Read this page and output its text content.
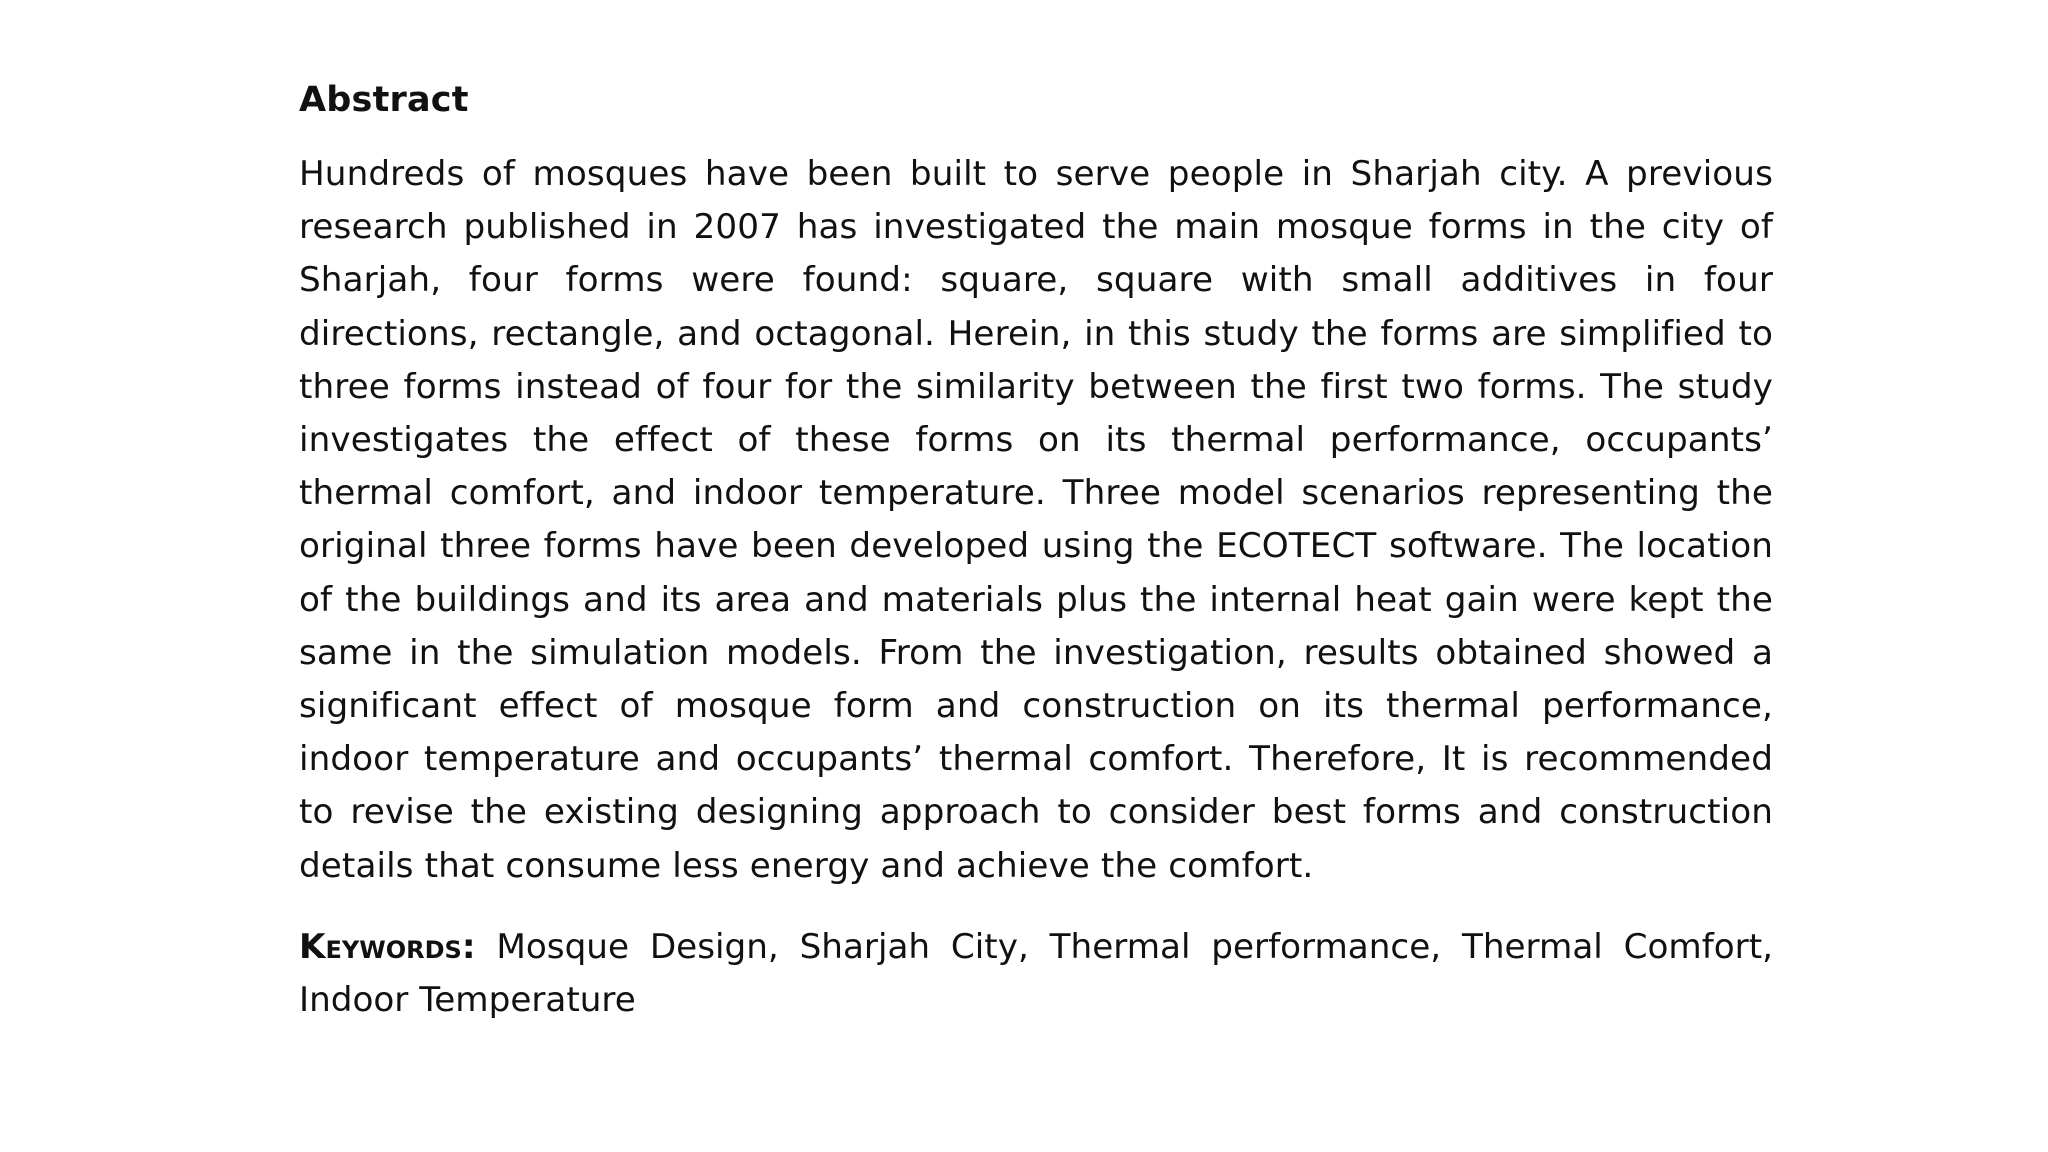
Abstract

Hundreds of mosques have been built to serve people in Sharjah city. A previous research published in 2007 has investigated the main mosque forms in the city of Sharjah, four forms were found: square, square with small additives in four directions, rectangle, and octagonal. Herein, in this study the forms are simplified to three forms instead of four for the similarity between the first two forms. The study investigates the effect of these forms on its thermal performance, occupants’ thermal comfort, and indoor temperature. Three model scenarios representing the original three forms have been developed using the ECOTECT software. The location of the buildings and its area and materials plus the internal heat gain were kept the same in the simulation models. From the investigation, results obtained showed a significant effect of mosque form and construction on its thermal performance, indoor temperature and occupants’ thermal comfort. Therefore, It is recommended to revise the existing designing approach to consider best forms and construction details that consume less energy and achieve the comfort.

Keywords: Mosque Design, Sharjah City, Thermal performance, Thermal Comfort, Indoor Temperature
